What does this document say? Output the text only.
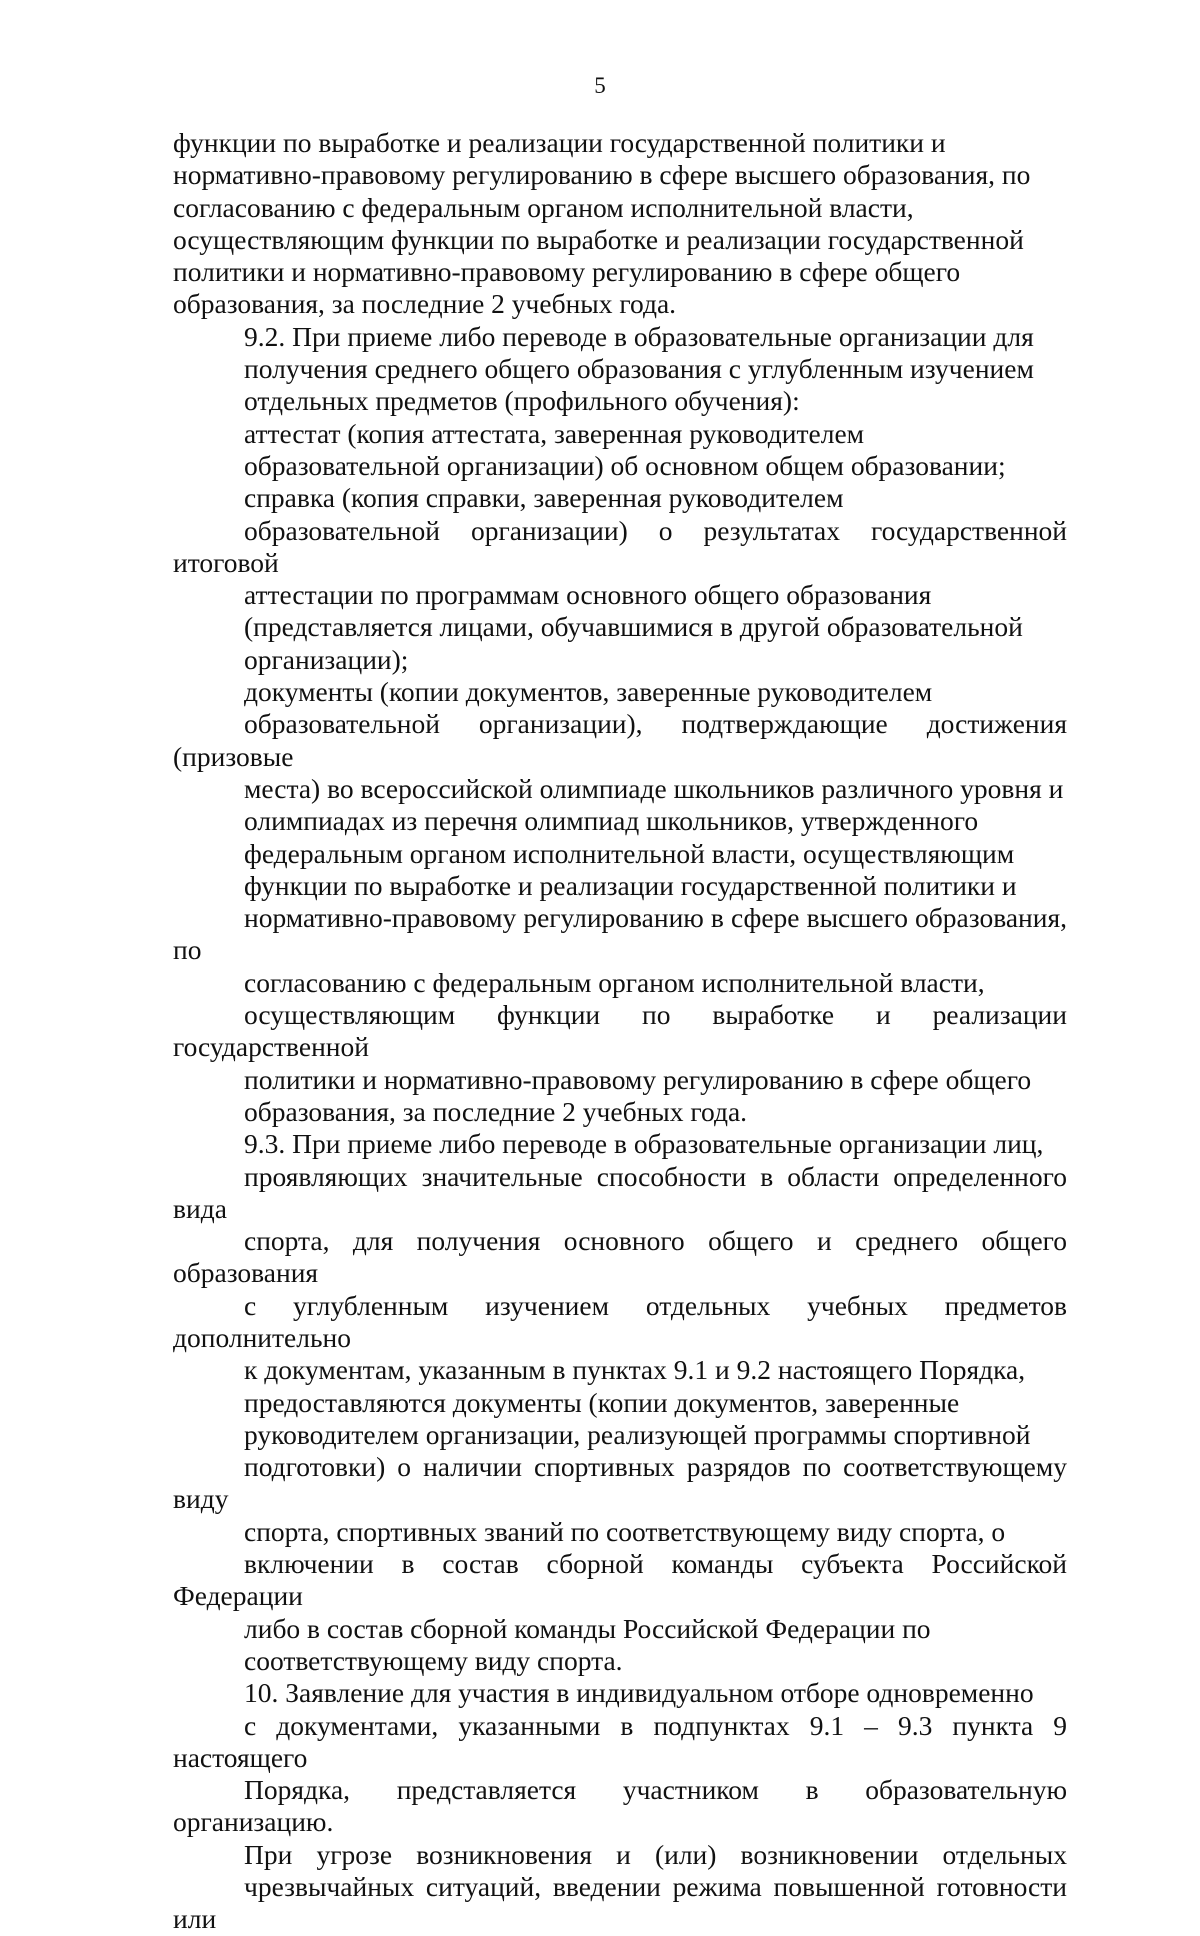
5

функции по выработке и реализации государственной политики и
нормативно-правовому регулированию в сфере высшего образования, по
согласованию с федеральным органом исполнительной власти,
осуществляющим функции по выработке и реализации государственной
политики и нормативно-правовому регулированию в сфере общего
образования, за последние 2 учебных года.

9.2. При приеме либо переводе в образовательные организации для
получения среднего общего образования с углубленным изучением
отдельных предметов (профильного обучения):

аттестат (копия аттестата, заверенная руководителем
образовательной организации) об основном общем образовании;

справка (копия справки, заверенная руководителем
образовательной организации) о результатах государственной итоговой
аттестации по программам основного общего образования
(представляется лицами, обучавшимися в другой образовательной
организации);

документы (копии документов, заверенные руководителем
образовательной организации), подтверждающие достижения (призовые
места) во всероссийской олимпиаде школьников различного уровня и
олимпиадах из перечня олимпиад школьников, утвержденного
федеральным органом исполнительной власти, осуществляющим
функции по выработке и реализации государственной политики и
нормативно-правовому регулированию в сфере высшего образования, по
согласованию с федеральным органом исполнительной власти,
осуществляющим функции по выработке и реализации государственной
политики и нормативно-правовому регулированию в сфере общего
образования, за последние 2 учебных года.

9.3. При приеме либо переводе в образовательные организации лиц,
проявляющих значительные способности в области определенного вида
спорта, для получения основного общего и среднего общего образования
с углубленным изучением отдельных учебных предметов дополнительно
к документам, указанным в пунктах 9.1 и 9.2 настоящего Порядка,
предоставляются документы (копии документов, заверенные
руководителем организации, реализующей программы спортивной
подготовки) о наличии спортивных разрядов по соответствующему виду
спорта, спортивных званий по соответствующему виду спорта, о
включении в состав сборной команды субъекта Российской Федерации
либо в состав сборной команды Российской Федерации по
соответствующему виду спорта.

10. Заявление для участия в индивидуальном отборе одновременно
с документами, указанными в подпунктах 9.1 – 9.3 пункта 9 настоящего
Порядка, представляется участником в образовательную организацию.

При угрозе возникновения и (или) возникновении отдельных
чрезвычайных ситуаций, введении режима повышенной готовности или
